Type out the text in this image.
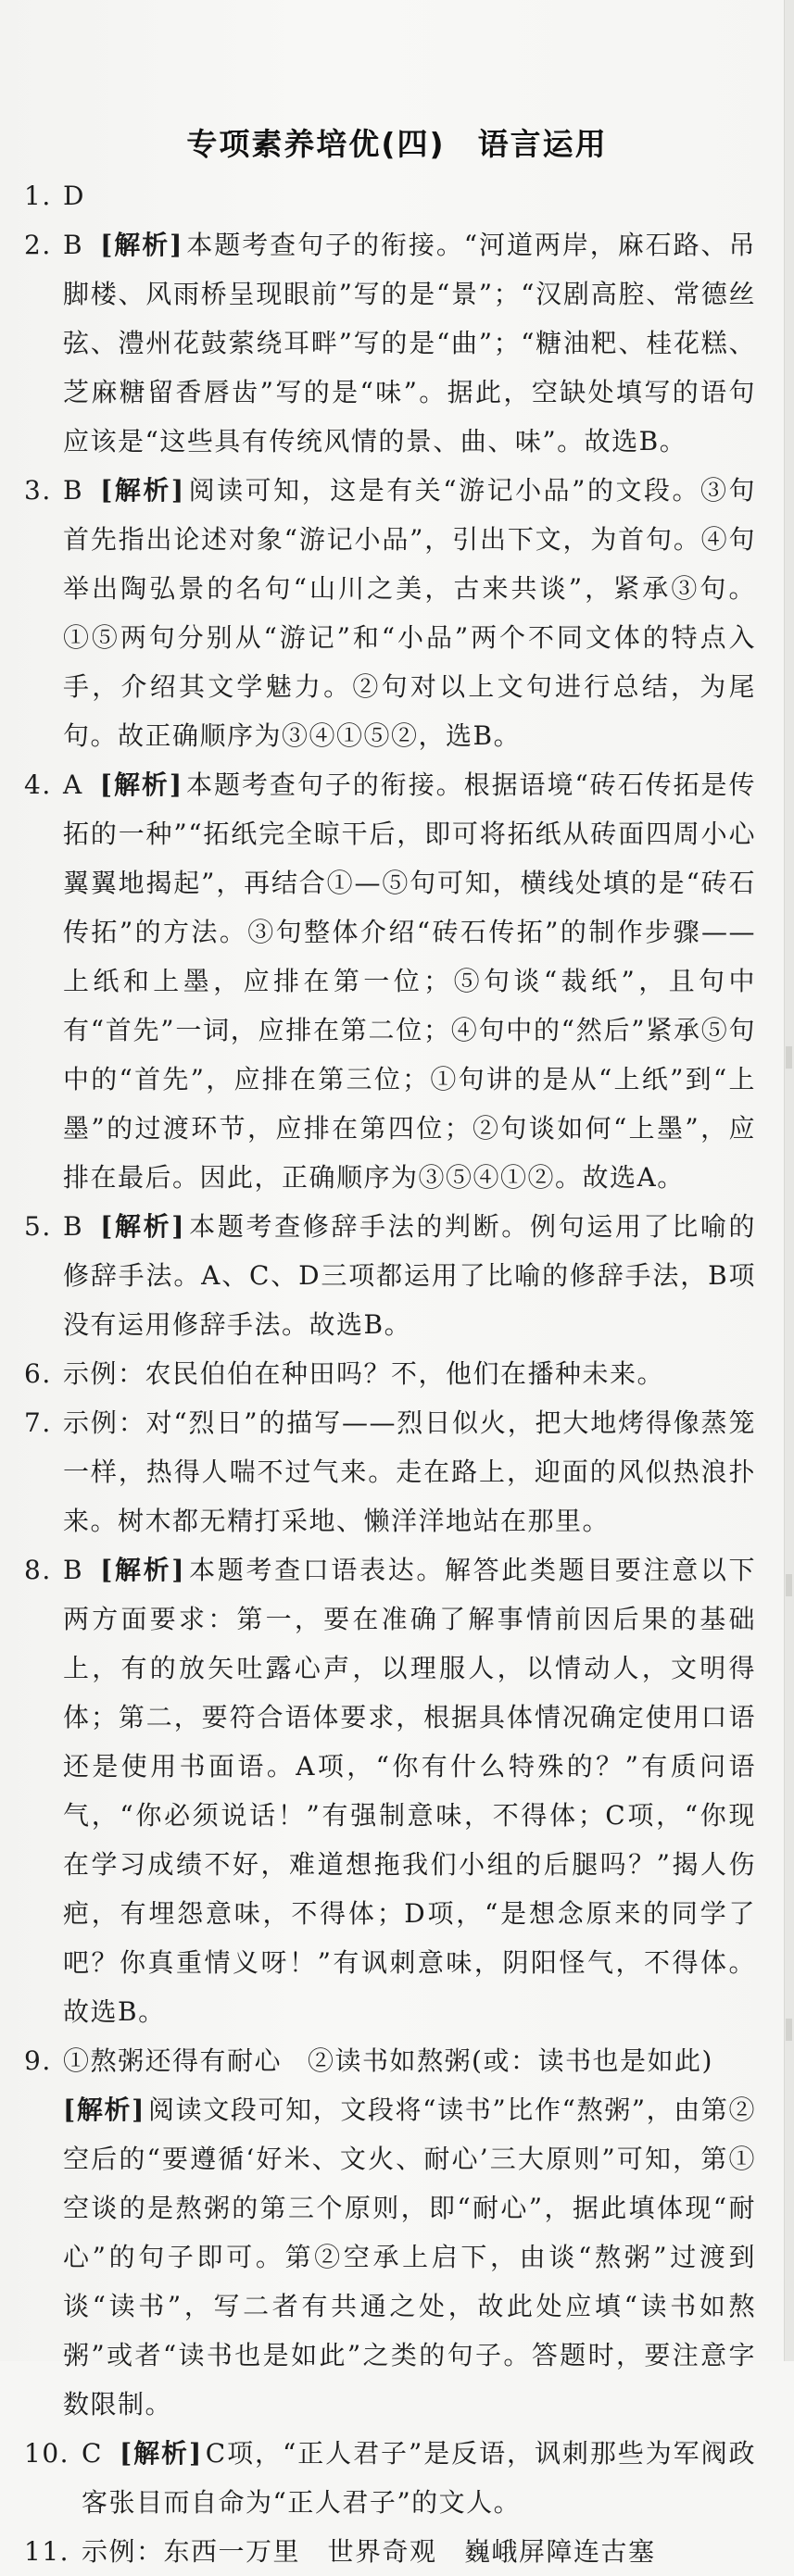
专项素养培优(四)　语言运用
1. D
2. B [解析] 本题考查句子的衔接。“河道两岸，麻石路、吊脚楼、风雨桥呈现眼前”写的是“景”；“汉剧高腔、常德丝弦、澧州花鼓萦绕耳畔”写的是“曲”；“糖油粑、桂花糕、芝麻糖留香唇齿”写的是“味”。据此，空缺处填写的语句应该是“这些具有传统风情的景、曲、味”。故选B。
3. B [解析] 阅读可知，这是有关“游记小品”的文段。③句首先指出论述对象“游记小品”，引出下文，为首句。④句举出陶弘景的名句“山川之美，古来共谈”，紧承③句。①⑤两句分别从“游记”和“小品”两个不同文体的特点入手，介绍其文学魅力。②句对以上文句进行总结，为尾句。故正确顺序为③④①⑤②，选B。
4. A [解析] 本题考查句子的衔接。根据语境“砖石传拓是传拓的一种”“拓纸完全晾干后，即可将拓纸从砖面四周小心翼翼地揭起”，再结合①—⑤句可知，横线处填的是“砖石传拓”的方法。③句整体介绍“砖石传拓”的制作步骤——上纸和上墨，应排在第一位；⑤句谈“裁纸”，且句中有“首先”一词，应排在第二位；④句中的“然后”紧承⑤句中的“首先”，应排在第三位；①句讲的是从“上纸”到“上墨”的过渡环节，应排在第四位；②句谈如何“上墨”，应排在最后。因此，正确顺序为③⑤④①②。故选A。
5. B [解析] 本题考查修辞手法的判断。例句运用了比喻的修辞手法。A、C、D三项都运用了比喻的修辞手法，B项没有运用修辞手法。故选B。
6. 示例：农民伯伯在种田吗？不，他们在播种未来。
7. 示例：对“烈日”的描写——烈日似火，把大地烤得像蒸笼一样，热得人喘不过气来。走在路上，迎面的风似热浪扑来。树木都无精打采地、懒洋洋地站在那里。
8. B [解析] 本题考查口语表达。解答此类题目要注意以下两方面要求：第一，要在准确了解事情前因后果的基础上，有的放矢吐露心声，以理服人，以情动人，文明得体；第二，要符合语体要求，根据具体情况确定使用口语还是使用书面语。A项，“你有什么特殊的？”有质问语气，“你必须说话！”有强制意味，不得体；C项，“你现在学习成绩不好，难道想拖我们小组的后腿吗？”揭人伤疤，有埋怨意味，不得体；D项，“是想念原来的同学了吧？你真重情义呀！”有讽刺意味，阴阳怪气，不得体。故选B。
9. ①熬粥还得有耐心 ②读书如熬粥(或：读书也是如此)
[解析] 阅读文段可知，文段将“读书”比作“熬粥”，由第②空后的“要遵循‘好米、文火、耐心’三大原则”可知，第①空谈的是熬粥的第三个原则，即“耐心”，据此填体现“耐心”的句子即可。第②空承上启下，由谈“熬粥”过渡到谈“读书”，写二者有共通之处，故此处应填“读书如熬粥”或者“读书也是如此”之类的句子。答题时，要注意字数限制。
10. C [解析] C项，“正人君子”是反语，讽刺那些为军阀政客张目而自命为“正人君子”的文人。
11. 示例：东西一万里　世界奇观　巍峨屏障连古塞
